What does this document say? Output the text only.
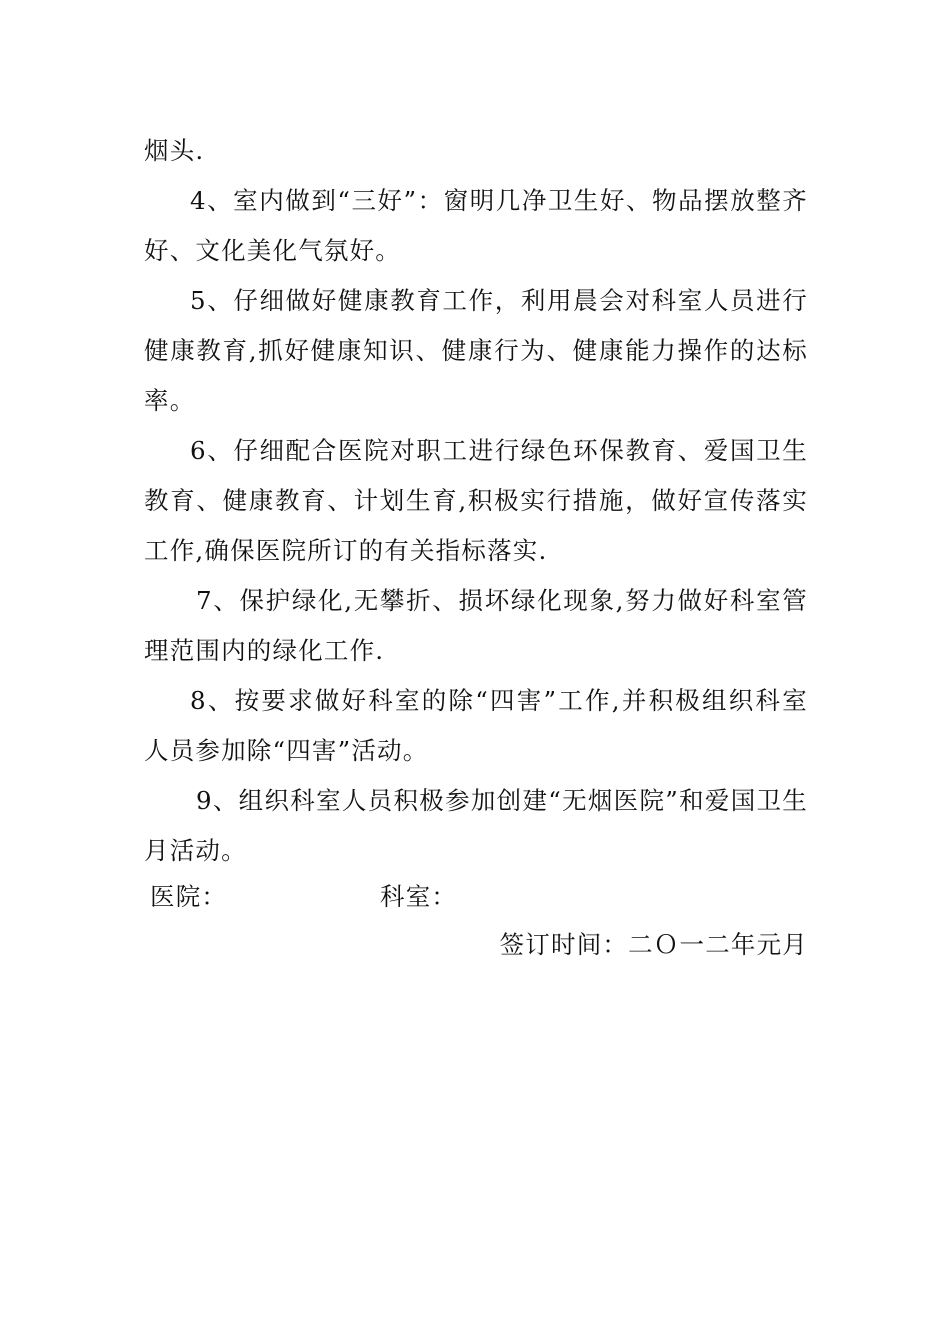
烟头.

4、室内做到“三好”：窗明几净卫生好、物品摆放整齐好、文化美化气氛好。

5、仔细做好健康教育工作，利用晨会对科室人员进行健康教育,抓好健康知识、健康行为、健康能力操作的达标率。

6、仔细配合医院对职工进行绿色环保教育、爱国卫生教育、健康教育、计划生育,积极实行措施，做好宣传落实工作,确保医院所订的有关指标落实.

7、保护绿化,无攀折、损坏绿化现象,努力做好科室管理范围内的绿化工作.

8、按要求做好科室的除“四害”工作,并积极组织科室人员参加除“四害”活动。

9、组织科室人员积极参加创建“无烟医院”和爱国卫生月活动。

医院：	科室：
签订时间：二Ｏ一二年元月
